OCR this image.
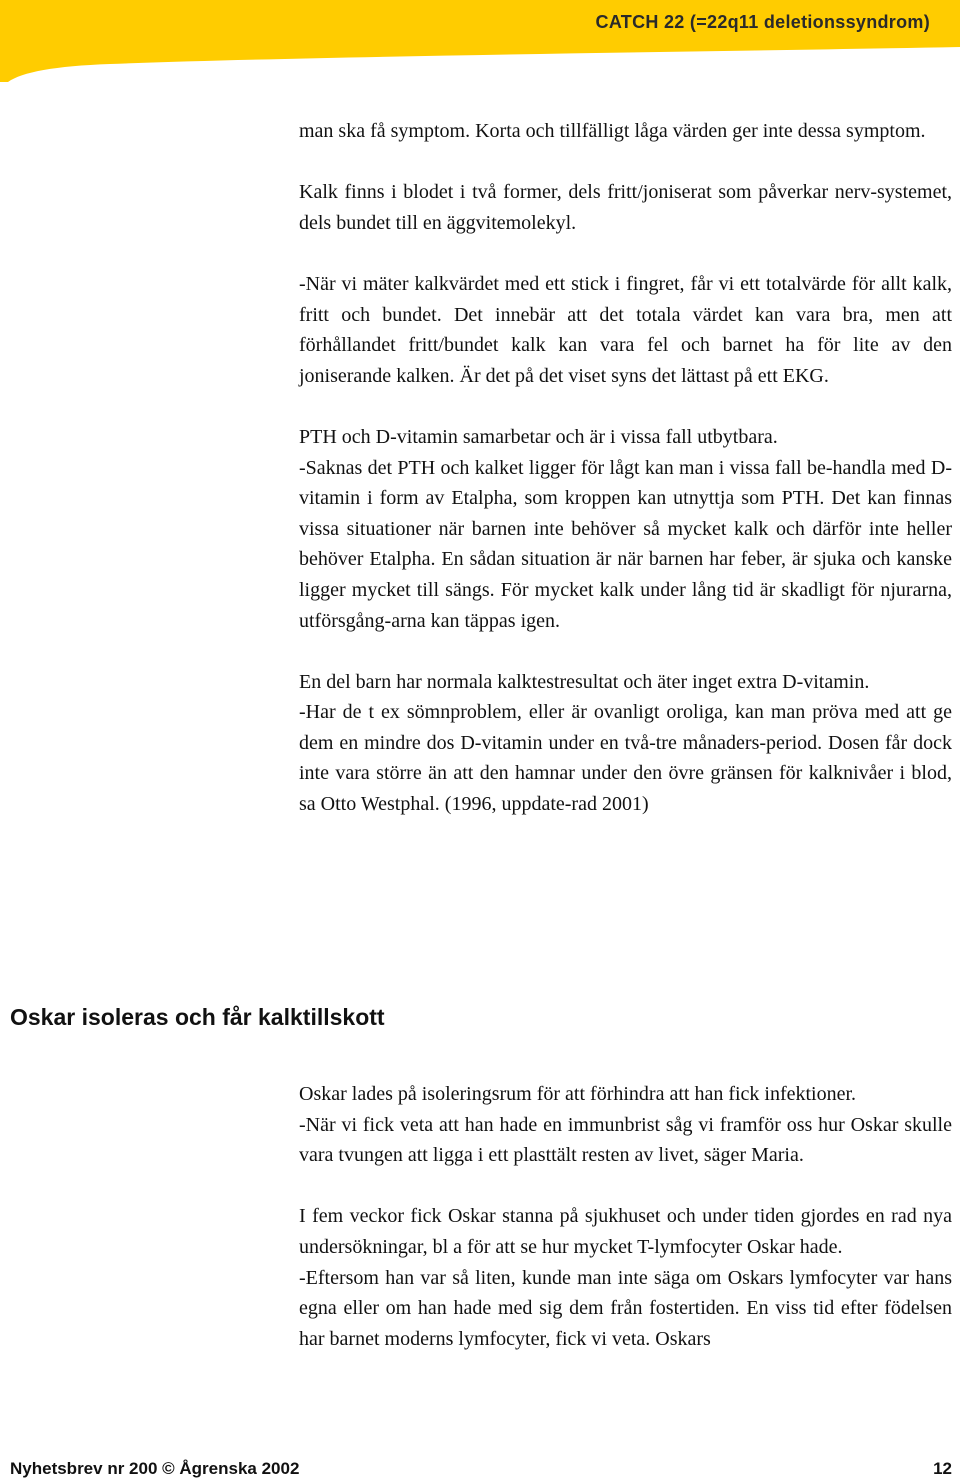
CATCH 22 (=22q11 deletionssyndrom)

man ska få symptom. Korta och tillfälligt låga värden ger inte dessa symptom.

Kalk finns i blodet i två former, dels fritt/joniserat som påverkar nerv-systemet, dels bundet till en äggvitemolekyl.

-När vi mäter kalkvärdet med ett stick i fingret, får vi ett totalvärde för allt kalk, fritt och bundet. Det innebär att det totala värdet kan vara bra, men att förhållandet fritt/bundet kalk kan vara fel och barnet ha för lite av den joniserande kalken. Är det på det viset syns det lättast på ett EKG.

PTH och D-vitamin samarbetar och är i vissa fall utbytbara.

-Saknas det PTH och kalket ligger för lågt kan man i vissa fall be-handla med D-vitamin i form av Etalpha, som kroppen kan utnyttja som PTH. Det kan finnas vissa situationer när barnen inte behöver så mycket kalk och därför inte heller behöver Etalpha. En sådan situation är när barnen har feber, är sjuka och kanske ligger mycket till sängs. För mycket kalk under lång tid är skadligt för njurarna, utförsgång-arna kan täppas igen.

En del barn har normala kalktestresultat och äter inget extra D-vitamin.

-Har de t ex sömnproblem, eller är ovanligt oroliga, kan man pröva med att ge dem en mindre dos D-vitamin under en två-tre månaders-period. Dosen får dock inte vara större än att den hamnar under den övre gränsen för kalknivåer i blod, sa Otto Westphal. (1996, uppdate-rad 2001)

Oskar isoleras och får kalktillskott

Oskar lades på isoleringsrum för att förhindra att han fick infektioner.

-När vi fick veta att han hade en immunbrist såg vi framför oss hur Oskar skulle vara tvungen att ligga i ett plasttält resten av livet, säger Maria.

I fem veckor fick Oskar stanna på sjukhuset och under tiden gjordes en rad nya undersökningar, bl a för att se hur mycket T-lymfocyter Oskar hade.

-Eftersom han var så liten, kunde man inte säga om Oskars lymfocyter var hans egna eller om han hade med sig dem från fostertiden. En viss tid efter födelsen har barnet moderns lymfocyter, fick vi veta. Oskars

Nyhetsbrev nr 200 © Ågrenska 2002	12
